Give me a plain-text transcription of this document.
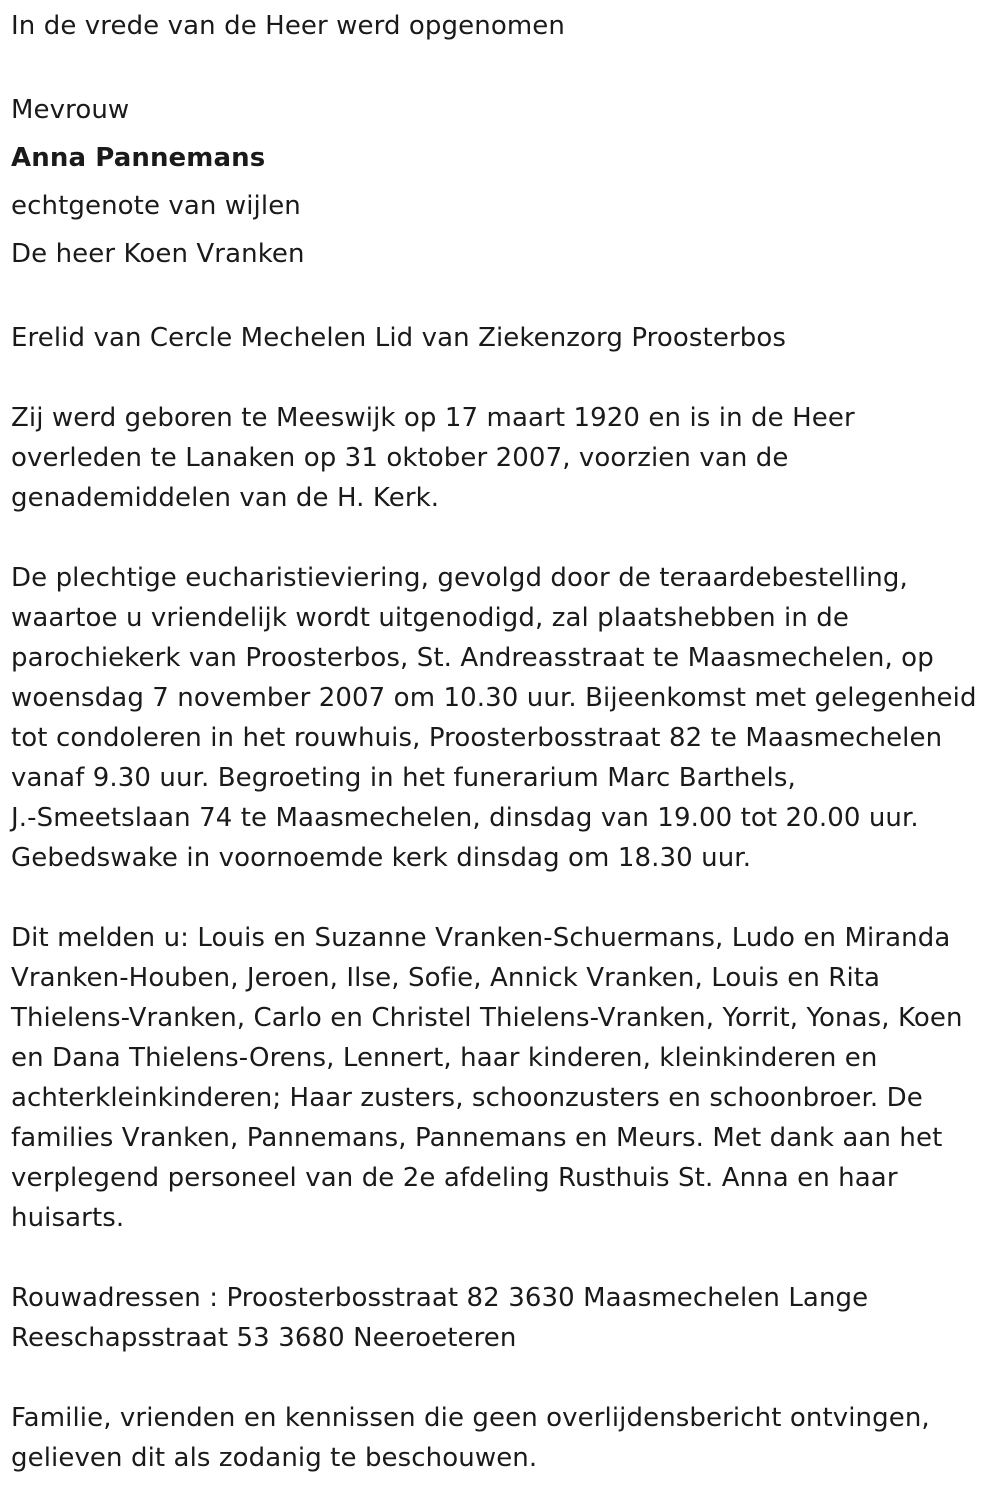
In de vrede van de Heer werd opgenomen

Mevrouw

Anna Pannemans

echtgenote van wijlen

De heer Koen Vranken

Erelid van Cercle Mechelen Lid van Ziekenzorg Proosterbos

Zij werd geboren te Meeswijk op 17 maart 1920 en is in de Heer

overleden te Lanaken op 31 oktober 2007, voorzien van de

genademiddelen van de H. Kerk.

De plechtige eucharistieviering, gevolgd door de teraardebestelling,

waartoe u vriendelijk wordt uitgenodigd, zal plaatshebben in de

parochiekerk van Proosterbos, St. Andreasstraat te Maasmechelen, op

woensdag 7 november 2007 om 10.30 uur. Bijeenkomst met gelegenheid

tot condoleren in het rouwhuis, Proosterbosstraat 82 te Maasmechelen

vanaf 9.30 uur. Begroeting in het funerarium Marc Barthels,

J.-Smeetslaan 74 te Maasmechelen, dinsdag van 19.00 tot 20.00 uur.

Gebedswake in voornoemde kerk dinsdag om 18.30 uur.

Dit melden u: Louis en Suzanne Vranken-Schuermans, Ludo en Miranda

Vranken-Houben, Jeroen, Ilse, Sofie, Annick Vranken, Louis en Rita

Thielens-Vranken, Carlo en Christel Thielens-Vranken, Yorrit, Yonas, Koen

en Dana Thielens-Orens, Lennert, haar kinderen, kleinkinderen en

achterkleinkinderen; Haar zusters, schoonzusters en schoonbroer. De

families Vranken, Pannemans, Pannemans en Meurs. Met dank aan het

verplegend personeel van de 2e afdeling Rusthuis St. Anna en haar

huisarts.

Rouwadressen : Proosterbosstraat 82 3630 Maasmechelen Lange

Reeschapsstraat 53 3680 Neeroeteren

Familie, vrienden en kennissen die geen overlijdensbericht ontvingen,

gelieven dit als zodanig te beschouwen.
